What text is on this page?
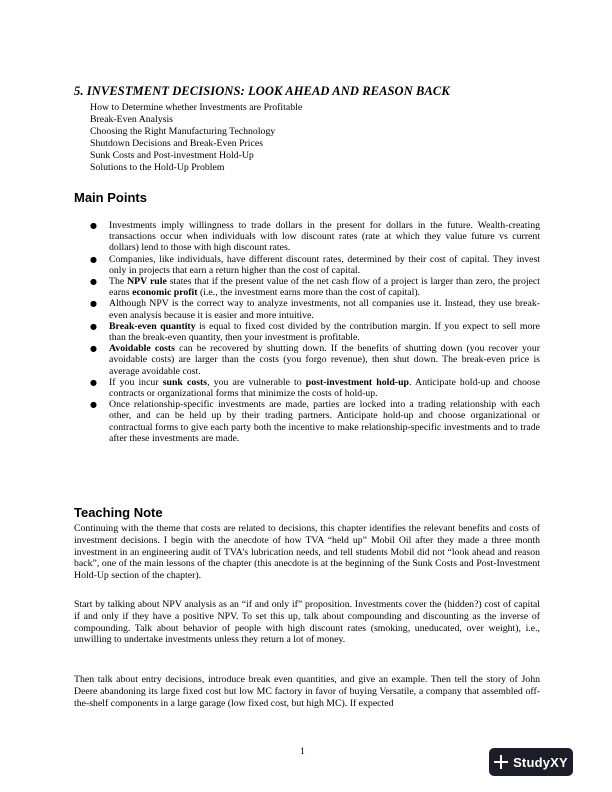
5. INVESTMENT DECISIONS: LOOK AHEAD AND REASON BACK
How to Determine whether Investments are Profitable
Break-Even Analysis
Choosing the Right Manufacturing Technology
Shutdown Decisions and Break-Even Prices
Sunk Costs and Post-investment Hold-Up
Solutions to the Hold-Up Problem
Main Points
● Investments imply willingness to trade dollars in the present for dollars in the future. Wealth-creating transactions occur when individuals with low discount rates (rate at which they value future vs current dollars) lend to those with high discount rates.
● Companies, like individuals, have different discount rates, determined by their cost of capital. They invest only in projects that earn a return higher than the cost of capital.
● The NPV rule states that if the present value of the net cash flow of a project is larger than zero, the project earns economic profit (i.e., the investment earns more than the cost of capital).
● Although NPV is the correct way to analyze investments, not all companies use it. Instead, they use break-even analysis because it is easier and more intuitive.
● Break-even quantity is equal to fixed cost divided by the contribution margin. If you expect to sell more than the break-even quantity, then your investment is profitable.
● Avoidable costs can be recovered by shutting down. If the benefits of shutting down (you recover your avoidable costs) are larger than the costs (you forgo revenue), then shut down. The break-even price is average avoidable cost.
● If you incur sunk costs, you are vulnerable to post-investment hold-up. Anticipate hold-up and choose contracts or organizational forms that minimize the costs of hold-up.
● Once relationship-specific investments are made, parties are locked into a trading relationship with each other, and can be held up by their trading partners. Anticipate hold-up and choose organizational or contractual forms to give each party both the incentive to make relationship-specific investments and to trade after these investments are made.
Teaching Note

Continuing with the theme that costs are related to decisions, this chapter identifies the relevant benefits and costs of investment decisions. I begin with the anecdote of how TVA “held up” Mobil Oil after they made a three month investment in an engineering audit of TVA’s lubrication needs, and tell students Mobil did not “look ahead and reason back”, one of the main lessons of the chapter (this anecdote is at the beginning of the Sunk Costs and Post-Investment Hold-Up section of the chapter).

Start by talking about NPV analysis as an “if and only if” proposition. Investments cover the (hidden?) cost of capital if and only if they have a positive NPV. To set this up, talk about compounding and discounting as the inverse of compounding. Talk about behavior of people with high discount rates (smoking, uneducated, over weight), i.e., unwilling to undertake investments unless they return a lot of money.

Then talk about entry decisions, introduce break even quantities, and give an example. Then tell the story of John Deere abandoning its large fixed cost but low MC factory in favor of buying Versatile, a company that assembled off-the-shelf components in a large garage (low fixed cost, but high MC). If expected

1
StudyXY
